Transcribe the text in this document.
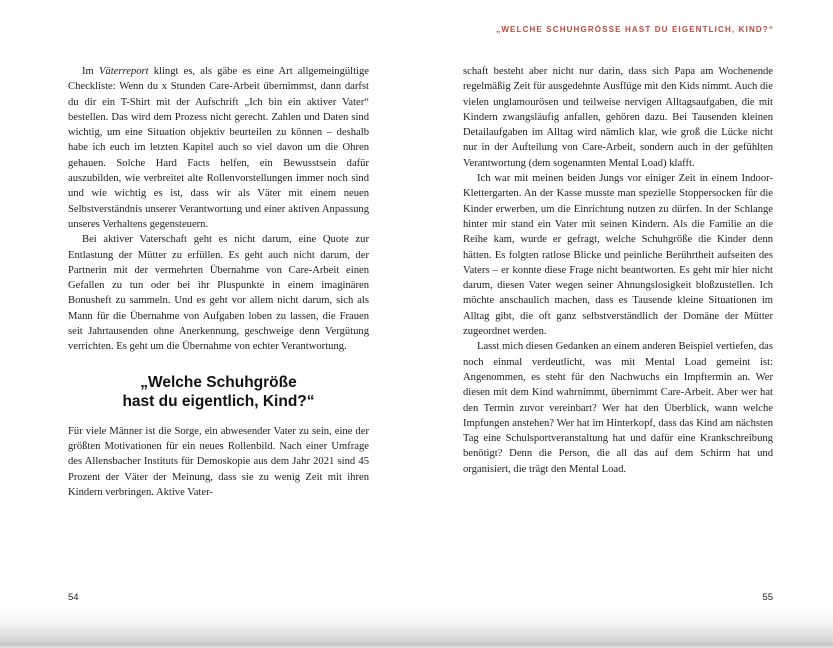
„WELCHE SCHUHGRÖSSE HAST DU EIGENTLICH, KIND?“

Im Väterreport klingt es, als gäbe es eine Art allgemeingültige Checkliste: Wenn du x Stunden Care-Arbeit übernimmst, dann darfst du dir ein T-Shirt mit der Aufschrift „Ich bin ein aktiver Vater“ bestellen. Das wird dem Prozess nicht gerecht. Zahlen und Daten sind wichtig, um eine Situation objektiv beurteilen zu können – deshalb habe ich euch im letzten Kapitel auch so viel davon um die Ohren gehauen. Solche Hard Facts helfen, ein Bewusstsein dafür auszubilden, wie verbreitet alte Rollenvorstellungen immer noch sind und wie wichtig es ist, dass wir als Väter mit einem neuen Selbstverständnis unserer Verantwortung und einer aktiven Anpassung unseres Verhaltens gegensteuern.

Bei aktiver Vaterschaft geht es nicht darum, eine Quote zur Entlastung der Mütter zu erfüllen. Es geht auch nicht darum, der Partnerin mit der vermehrten Übernahme von Care-Arbeit einen Gefallen zu tun oder bei ihr Pluspunkte in einem imaginären Bonusheft zu sammeln. Und es geht vor allem nicht darum, sich als Mann für die Übernahme von Aufgaben loben zu lassen, die Frauen seit Jahrtausenden ohne Anerkennung, geschweige denn Vergütung verrichten. Es geht um die Übernahme von echter Verantwortung.

„Welche Schuhgröße
hast du eigentlich, Kind?“

Für viele Männer ist die Sorge, ein abwesender Vater zu sein, eine der größten Motivationen für ein neues Rollenbild. Nach einer Umfrage des Allensbacher Instituts für Demoskopie aus dem Jahr 2021 sind 45 Prozent der Väter der Meinung, dass sie zu wenig Zeit mit ihren Kindern verbringen. Aktive Vater-

schaft besteht aber nicht nur darin, dass sich Papa am Wochenende regelmäßig Zeit für ausgedehnte Ausflüge mit den Kids nimmt. Auch die vielen unglamourösen und teilweise nervigen Alltagsaufgaben, die mit Kindern zwangsläufig anfallen, gehören dazu. Bei Tausenden kleinen Detailaufgaben im Alltag wird nämlich klar, wie groß die Lücke nicht nur in der Aufteilung von Care-Arbeit, sondern auch in der gefühlten Verantwortung (dem sogenannten Mental Load) klafft.

Ich war mit meinen beiden Jungs vor einiger Zeit in einem Indoor-Klettergarten. An der Kasse musste man spezielle Stoppersocken für die Kinder erwerben, um die Einrichtung nutzen zu dürfen. In der Schlange hinter mir stand ein Vater mit seinen Kindern. Als die Familie an die Reihe kam, wurde er gefragt, welche Schuhgröße die Kinder denn hätten. Es folgten ratlose Blicke und peinliche Berührtheit aufseiten des Vaters – er konnte diese Frage nicht beantworten. Es geht mir hier nicht darum, diesen Vater wegen seiner Ahnungslosigkeit bloßzustellen. Ich möchte anschaulich machen, dass es Tausende kleine Situationen im Alltag gibt, die oft ganz selbstverständlich der Domäne der Mütter zugeordnet werden.

Lasst mich diesen Gedanken an einem anderen Beispiel vertiefen, das noch einmal verdeutlicht, was mit Mental Load gemeint ist: Angenommen, es steht für den Nachwuchs ein Impftermin an. Wer diesen mit dem Kind wahrnimmt, übernimmt Care-Arbeit. Aber wer hat den Termin zuvor vereinbart? Wer hat den Überblick, wann welche Impfungen anstehen? Wer hat im Hinterkopf, dass das Kind am nächsten Tag eine Schulsportveranstaltung hat und dafür eine Krankschreibung benötigt? Denn die Person, die all das auf dem Schirm hat und organisiert, die trägt den Mental Load.

54	55
